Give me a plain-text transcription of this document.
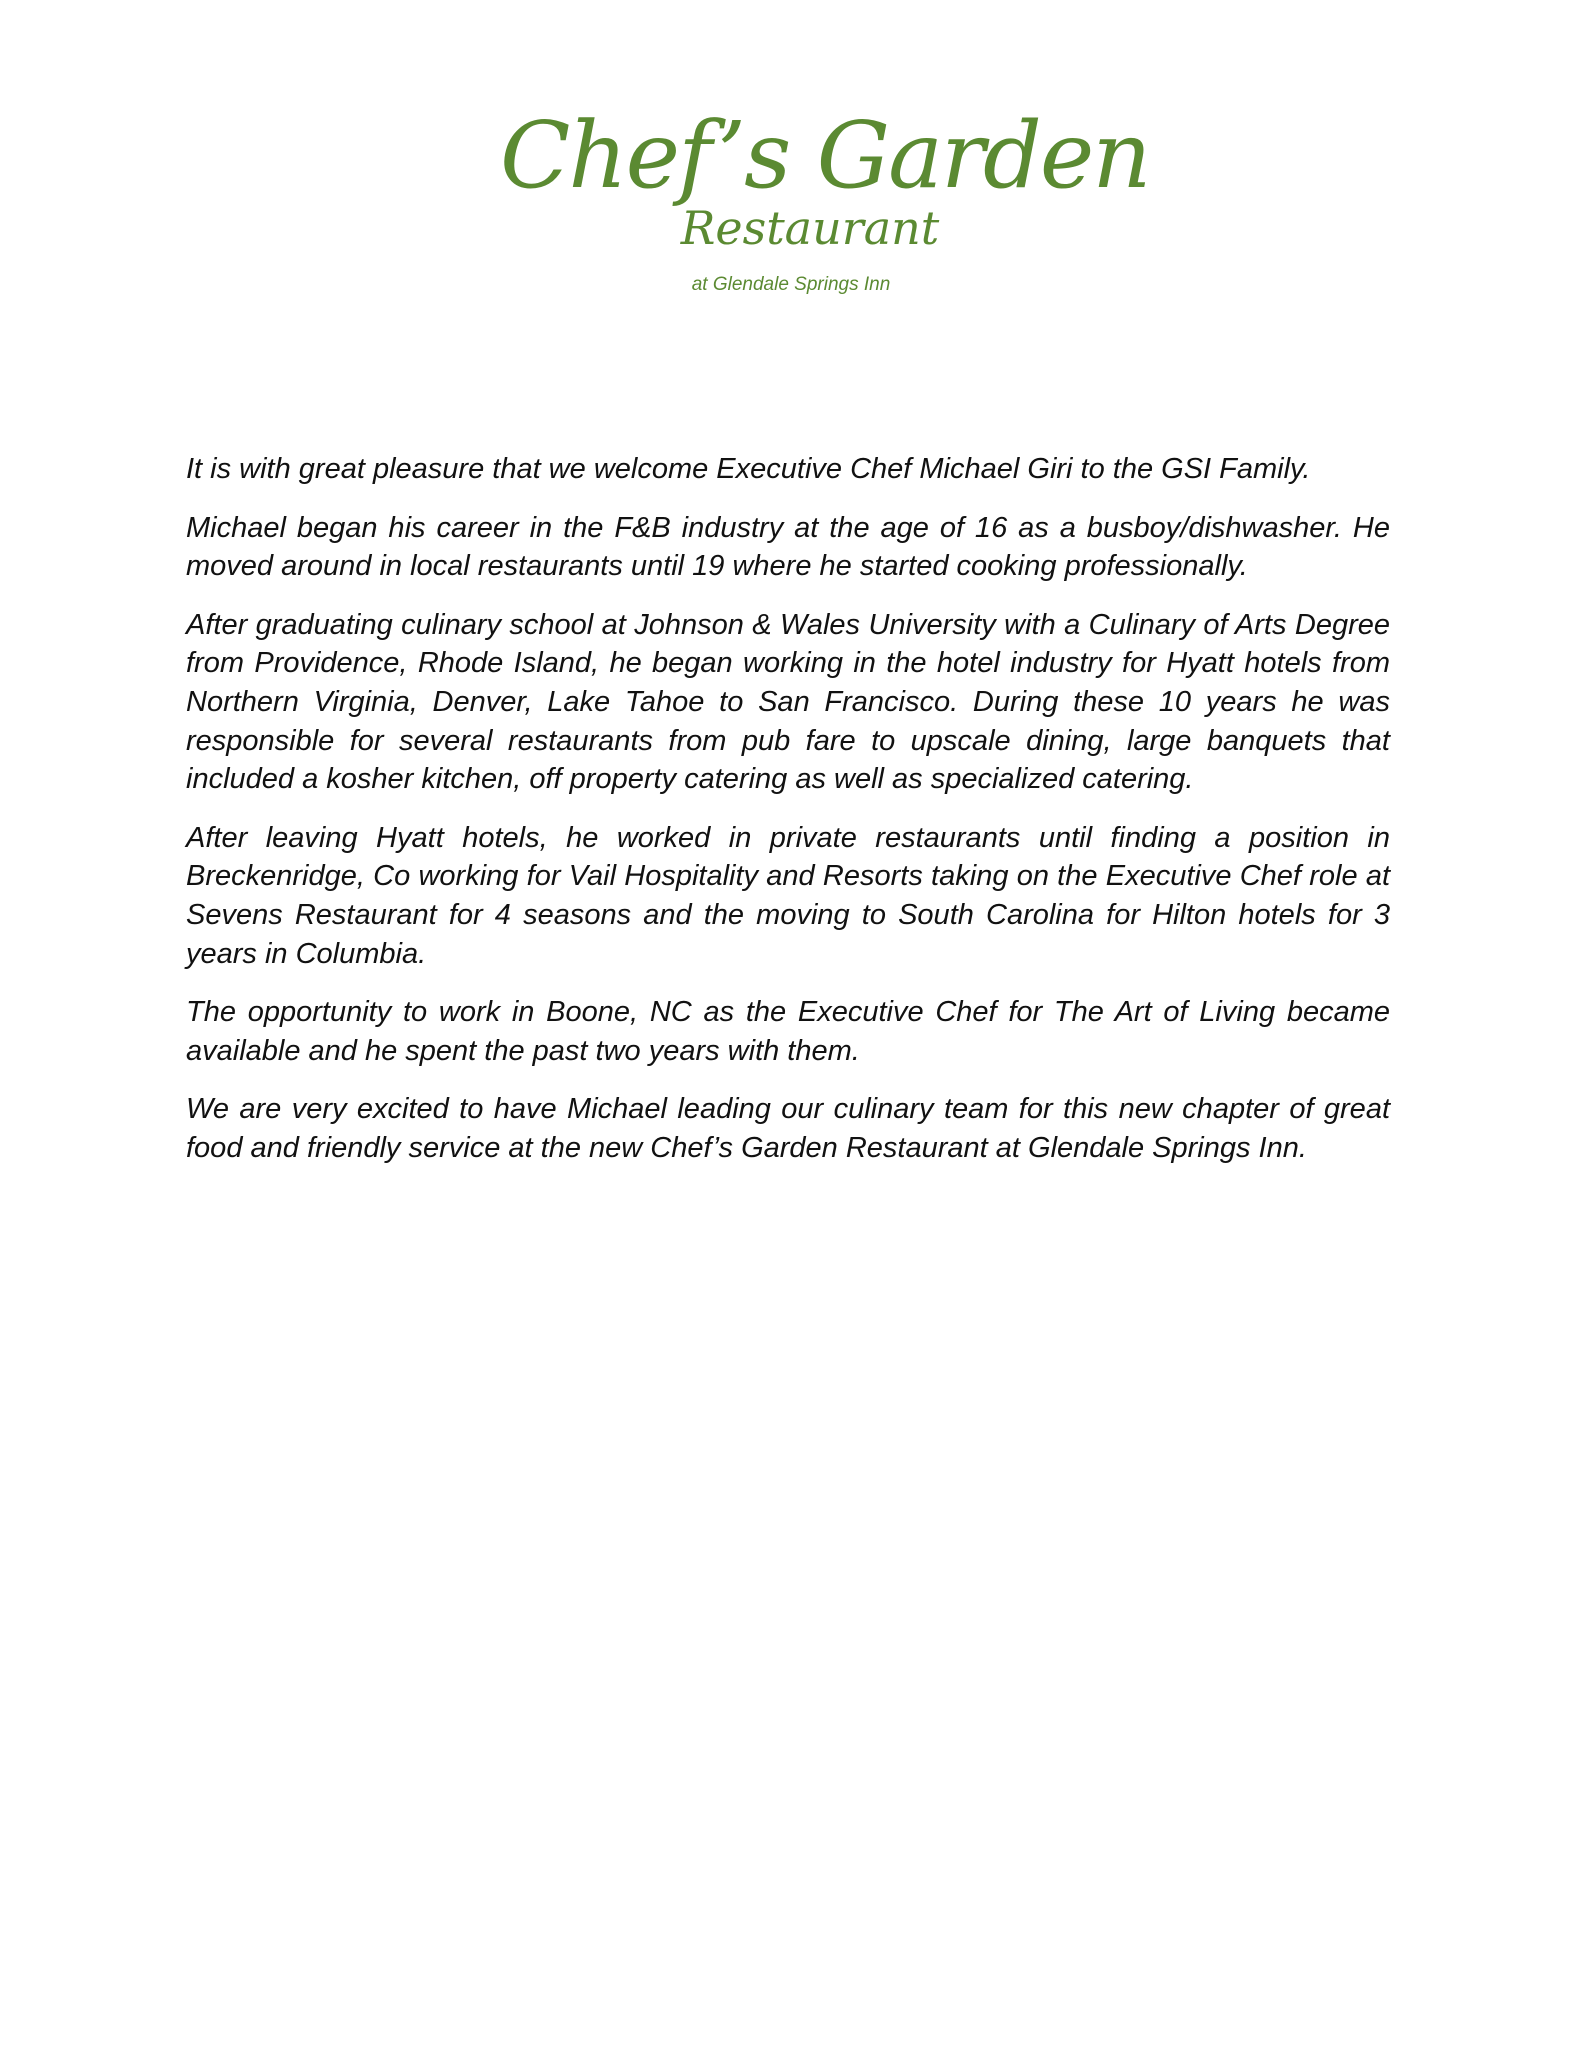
Chef’s Garden
Restaurant
at Glendale Springs Inn

It is with great pleasure that we welcome Executive Chef Michael Giri to the GSI Family.

Michael began his career in the F&B industry at the age of 16 as a busboy/dishwasher. He moved around in local restaurants until 19 where he started cooking professionally.

After graduating culinary school at Johnson & Wales University with a Culinary of Arts Degree from Providence, Rhode Island, he began working in the hotel industry for Hyatt hotels from Northern Virginia, Denver, Lake Tahoe to San Francisco. During these 10 years he was responsible for several restaurants from pub fare to upscale dining, large banquets that included a kosher kitchen, off property catering as well as specialized catering.

After leaving Hyatt hotels, he worked in private restaurants until finding a position in Breckenridge, Co working for Vail Hospitality and Resorts taking on the Executive Chef role at Sevens Restaurant for 4 seasons and the moving to South Carolina for Hilton hotels for 3 years in Columbia.

The opportunity to work in Boone, NC as the Executive Chef for The Art of Living became available and he spent the past two years with them.

We are very excited to have Michael leading our culinary team for this new chapter of great food and friendly service at the new Chef’s Garden Restaurant at Glendale Springs Inn.
